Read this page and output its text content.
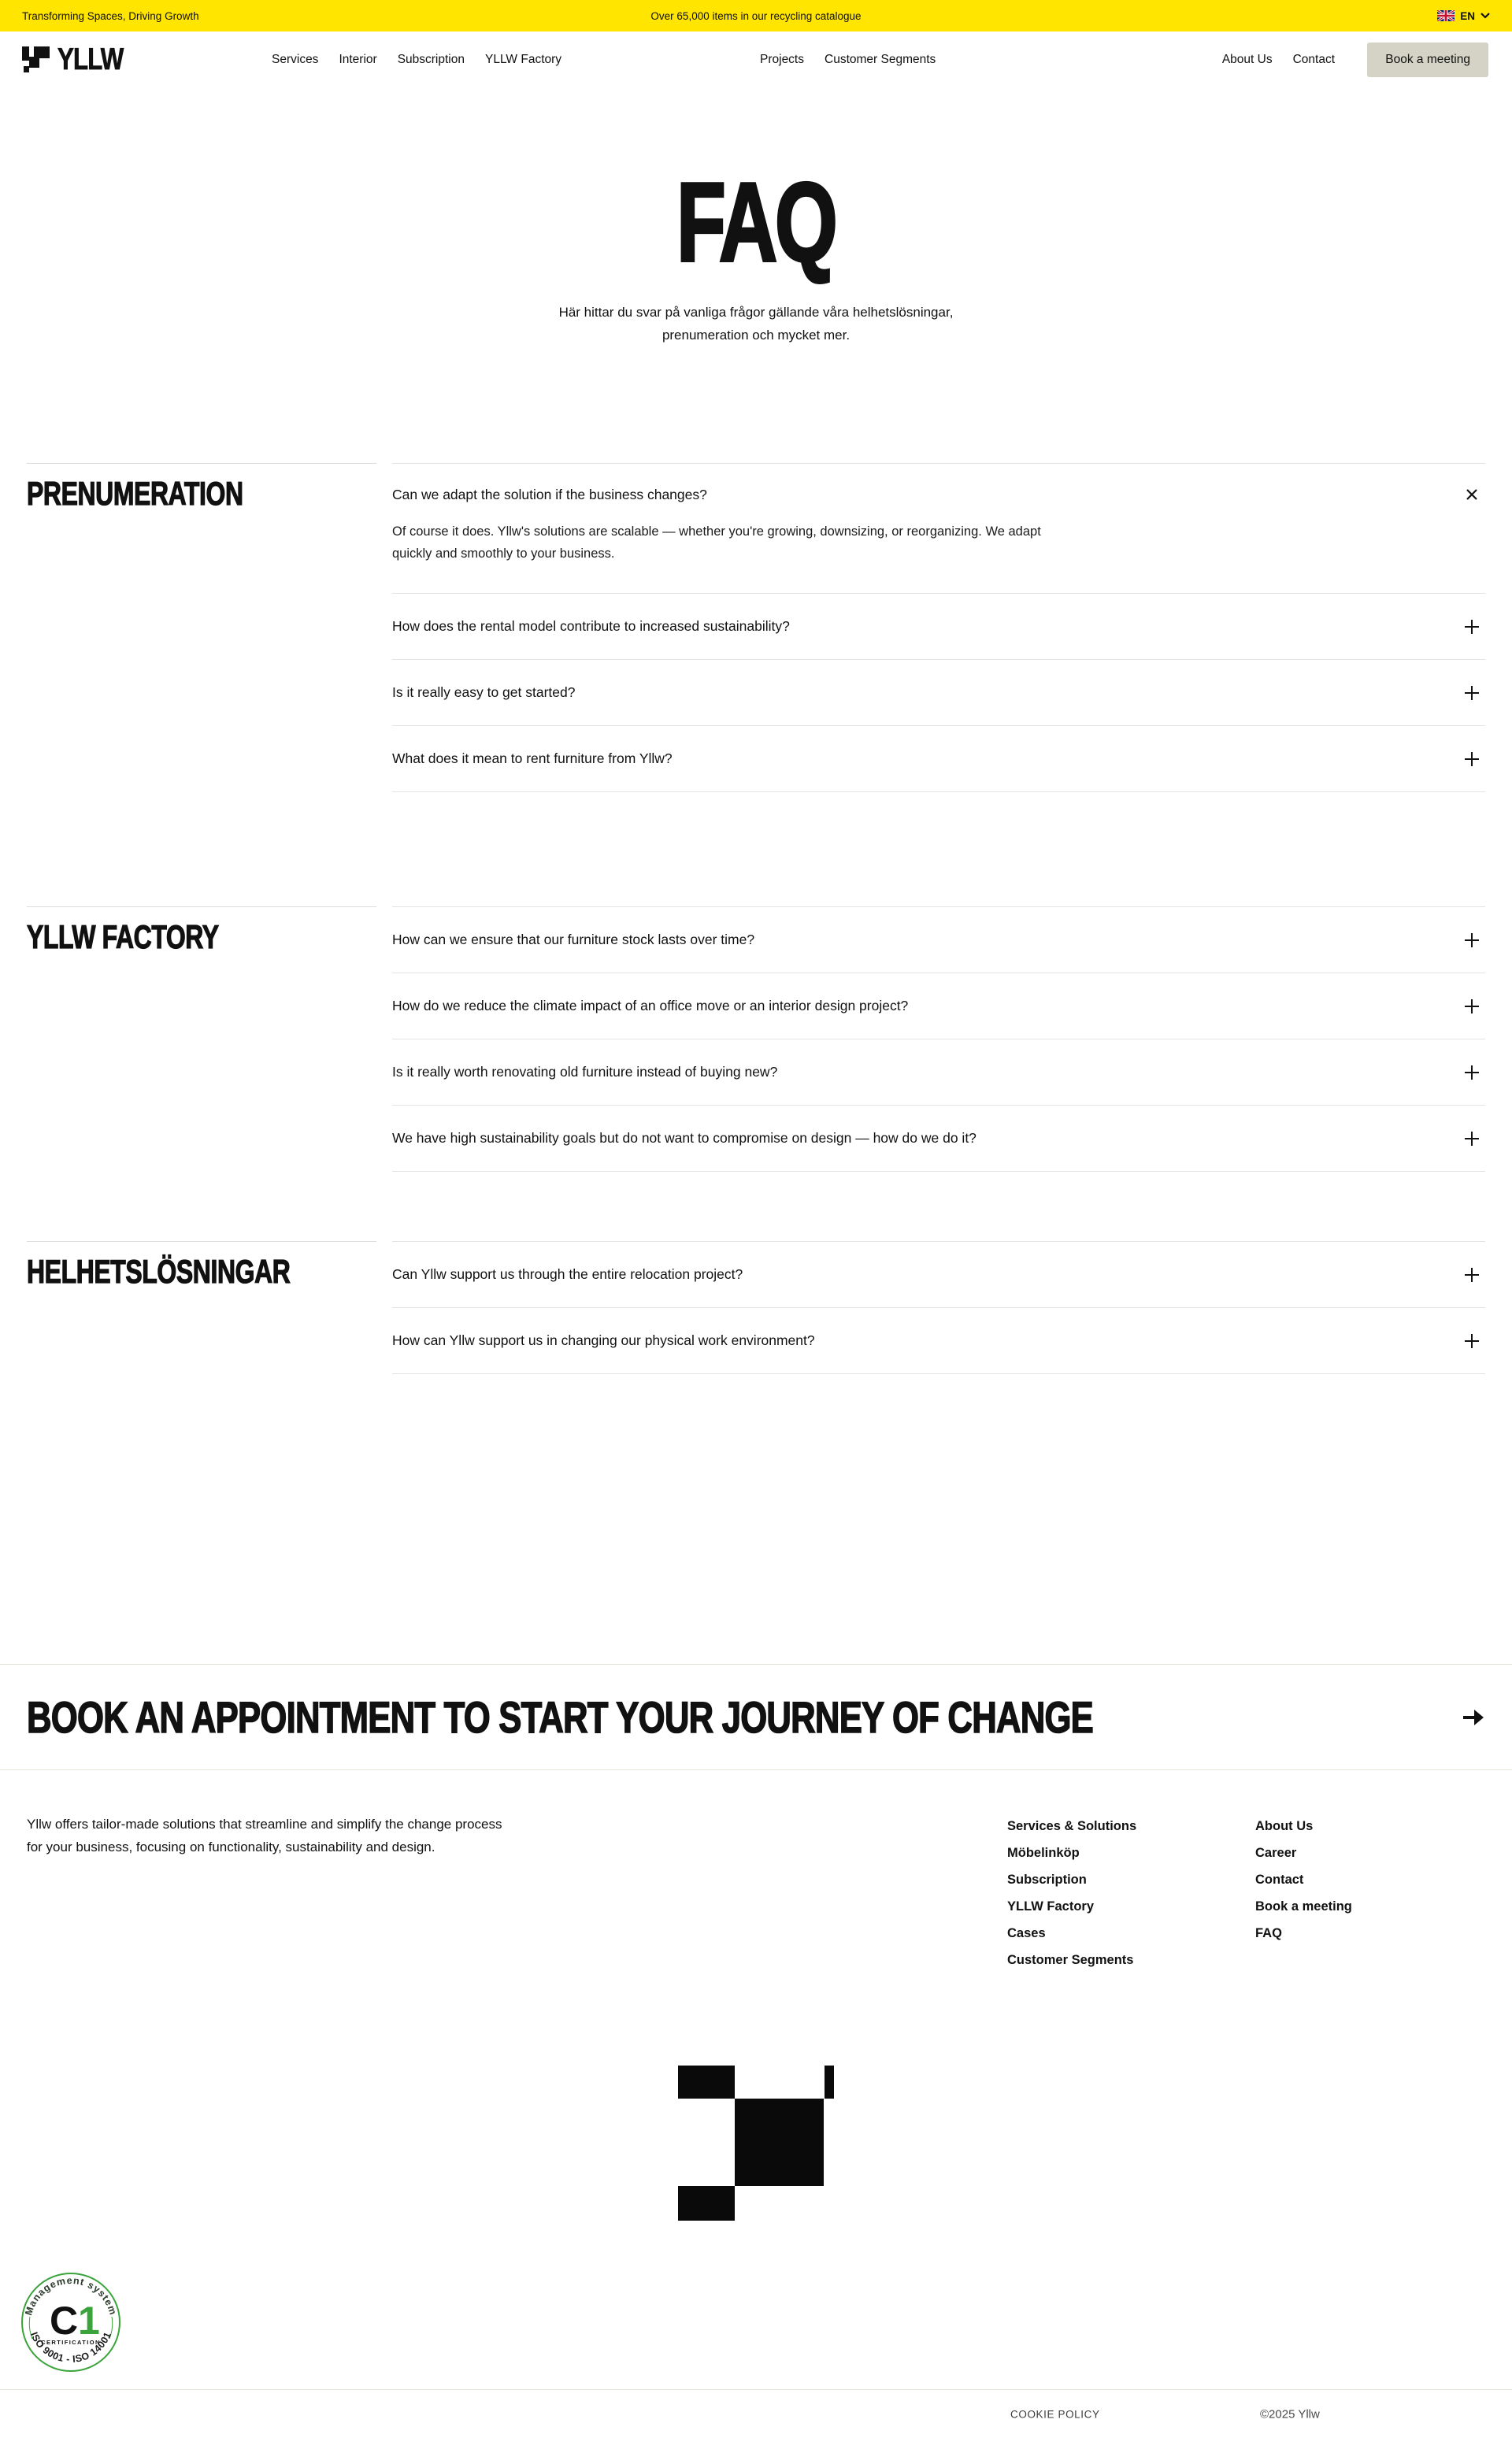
Transforming Spaces, Driving Growth	Over 65,000 items in our recycling catalogue	EN
YLLW	Services Interior Subscription YLLW Factory	Projects Customer Segments	About Us Contact	Book a meeting
FAQ

Här hittar du svar på vanliga frågor gällande våra helhetslösningar,
prenumeration och mycket mer.

PRENUMERATION	Can we adapt the solution if the business changes?

Of course it does. Yllw's solutions are scalable — whether you're growing, downsizing, or reorganizing. We adapt quickly and smoothly to your business.

How does the rental model contribute to increased sustainability?
Is it really easy to get started?
What does it mean to rent furniture from Yllw?
YLLW FACTORY	How can we ensure that our furniture stock lasts over time?
How do we reduce the climate impact of an office move or an interior design project?
Is it really worth renovating old furniture instead of buying new?
We have high sustainability goals but do not want to compromise on design — how do we do it?
HELHETSLÖSNINGAR	Can Yllw support us through the entire relocation project?
How can Yllw support us in changing our physical work environment?
BOOK AN APPOINTMENT TO START YOUR JOURNEY OF CHANGE

Yllw offers tailor-made solutions that streamline and simplify the change process for your business, focusing on functionality, sustainability and design.

Services & Solutions
Möbelinköp
Subscription
YLLW Factory
Cases
Customer Segments
About Us
Career
Contact
Book a meeting
FAQ
Management system
ISO 9001 - ISO 14001
C 1
CERTIFICATION
COOKIE POLICY	©2025 Yllw
